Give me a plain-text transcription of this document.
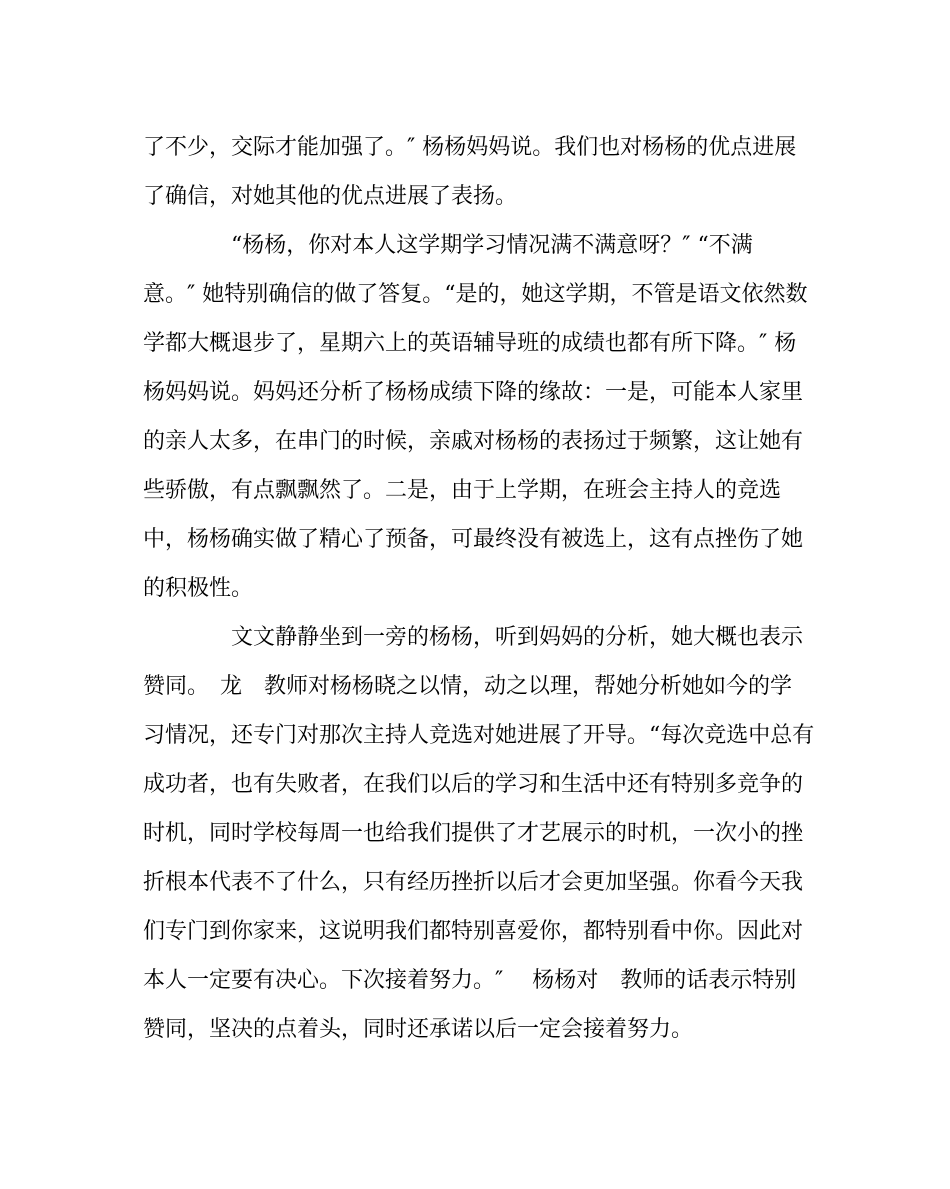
了不少，交际才能加强了。″ 杨杨妈妈说。我们也对杨杨的优点进展
了确信，对她其他的优点进展了表扬。
“杨杨，你对本人这学期学习情况满不满意呀？″ “不满
意。″ 她特别确信的做了答复。“是的，她这学期，不管是语文依然数
学都大概退步了，星期六上的英语辅导班的成绩也都有所下降。″ 杨
杨妈妈说。妈妈还分析了杨杨成绩下降的缘故：一是，可能本人家里
的亲人太多，在串门的时候，亲戚对杨杨的表扬过于频繁，这让她有
些骄傲，有点飘飘然了。二是，由于上学期，在班会主持人的竞选
中，杨杨确实做了精心了预备，可最终没有被选上，这有点挫伤了她
的积极性。
文文静静坐到一旁的杨杨，听到妈妈的分析，她大概也表示
赞同。　龙　教师对杨杨晓之以情，动之以理，帮她分析她如今的学
习情况，还专门对那次主持人竞选对她进展了开导。“每次竞选中总有
成功者，也有失败者，在我们以后的学习和生活中还有特别多竞争的
时机，同时学校每周一也给我们提供了才艺展示的时机，一次小的挫
折根本代表不了什么，只有经历挫折以后才会更加坚强。你看今天我
们专门到你家来，这说明我们都特别喜爱你，都特别看中你。因此对
本人一定要有决心。下次接着努力。″　 杨杨对　教师的话表示特别
赞同，坚决的点着头，同时还承诺以后一定会接着努力。
